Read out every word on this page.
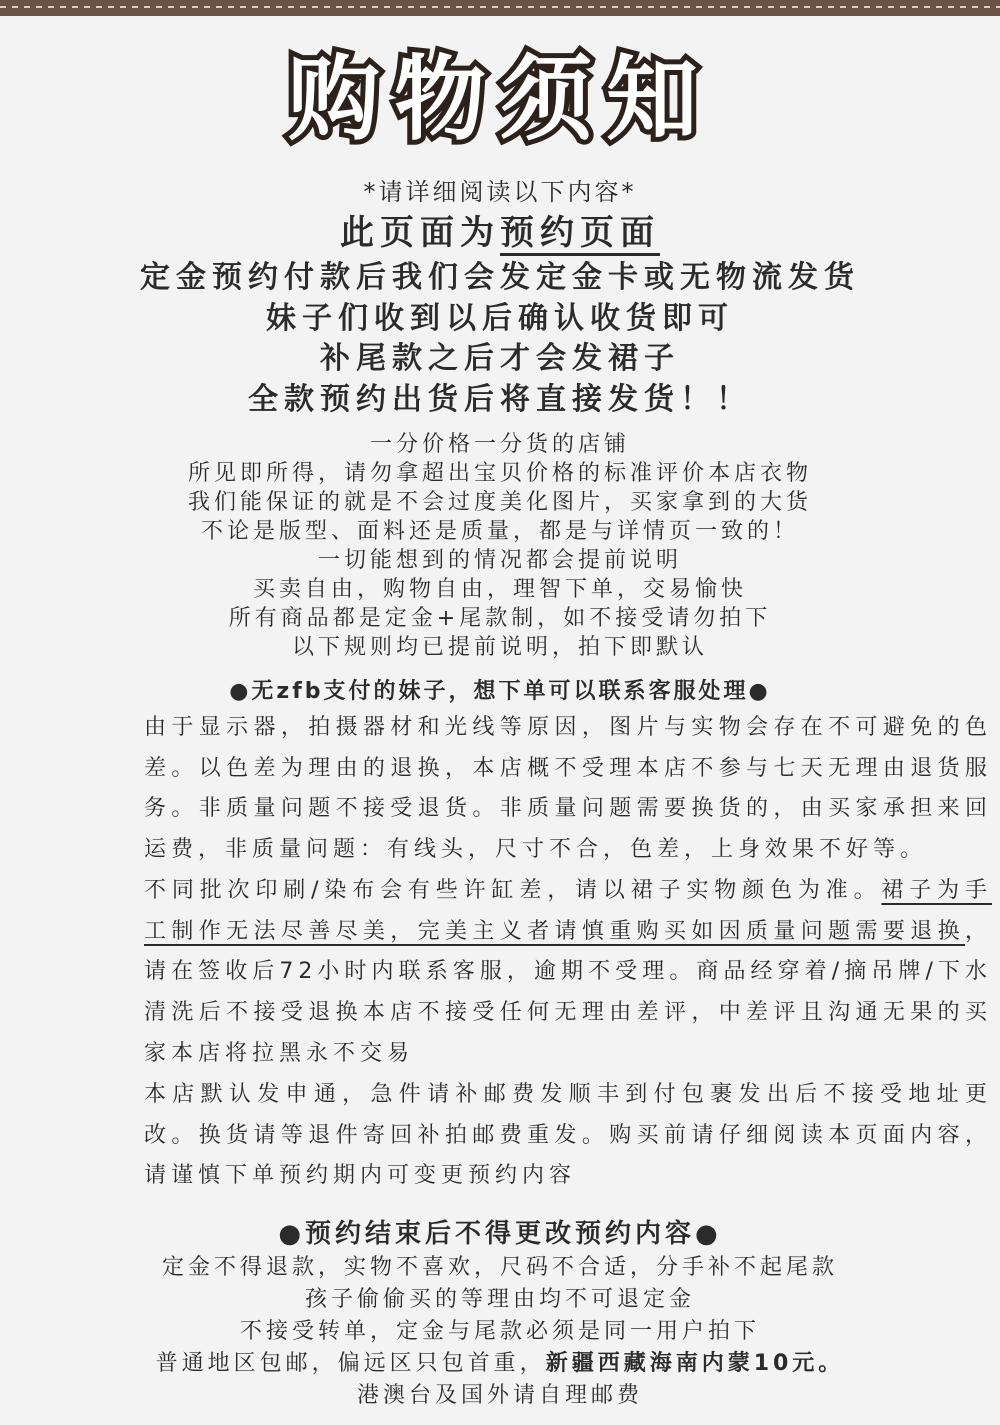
购物须知
*请详细阅读以下内容*
此页面为预约页面
定金预约付款后我们会发定金卡或无物流发货
妹子们收到以后确认收货即可
补尾款之后才会发裙子
全款预约出货后将直接发货！！
一分价格一分货的店铺
所见即所得，请勿拿超出宝贝价格的标准评价本店衣物
我们能保证的就是不会过度美化图片，买家拿到的大货
不论是版型、面料还是质量，都是与详情页一致的！
一切能想到的情况都会提前说明
买卖自由，购物自由，理智下单，交易愉快
所有商品都是定金+尾款制，如不接受请勿拍下
以下规则均已提前说明，拍下即默认
●无zfb支付的妹子，想下单可以联系客服处理●
由于显示器，拍摄器材和光线等原因，图片与实物会存在不可避免的色差。以色差为理由的退换，本店概不受理本店不参与七天无理由退货服务。非质量问题不接受退货。非质量问题需要换货的，由买家承担来回运费，非质量问题：有线头，尺寸不合，色差，上身效果不好等。
不同批次印刷/染布会有些许缸差，请以裙子实物颜色为准。裙子为手工制作无法尽善尽美，完美主义者请慎重购买如因质量问题需要退换，请在签收后72小时内联系客服，逾期不受理。商品经穿着/摘吊牌/下水清洗后不接受退换本店不接受任何无理由差评，中差评且沟通无果的买家本店将拉黑永不交易
本店默认发申通，急件请补邮费发顺丰到付包裹发出后不接受地址更改。换货请等退件寄回补拍邮费重发。购买前请仔细阅读本页面内容，请谨慎下单预约期内可变更预约内容
●预约结束后不得更改预约内容●
定金不得退款，实物不喜欢，尺码不合适，分手补不起尾款
孩子偷偷买的等理由均不可退定金
不接受转单，定金与尾款必须是同一用户拍下
普通地区包邮，偏远区只包首重，新疆西藏海南内蒙10元。
港澳台及国外请自理邮费
